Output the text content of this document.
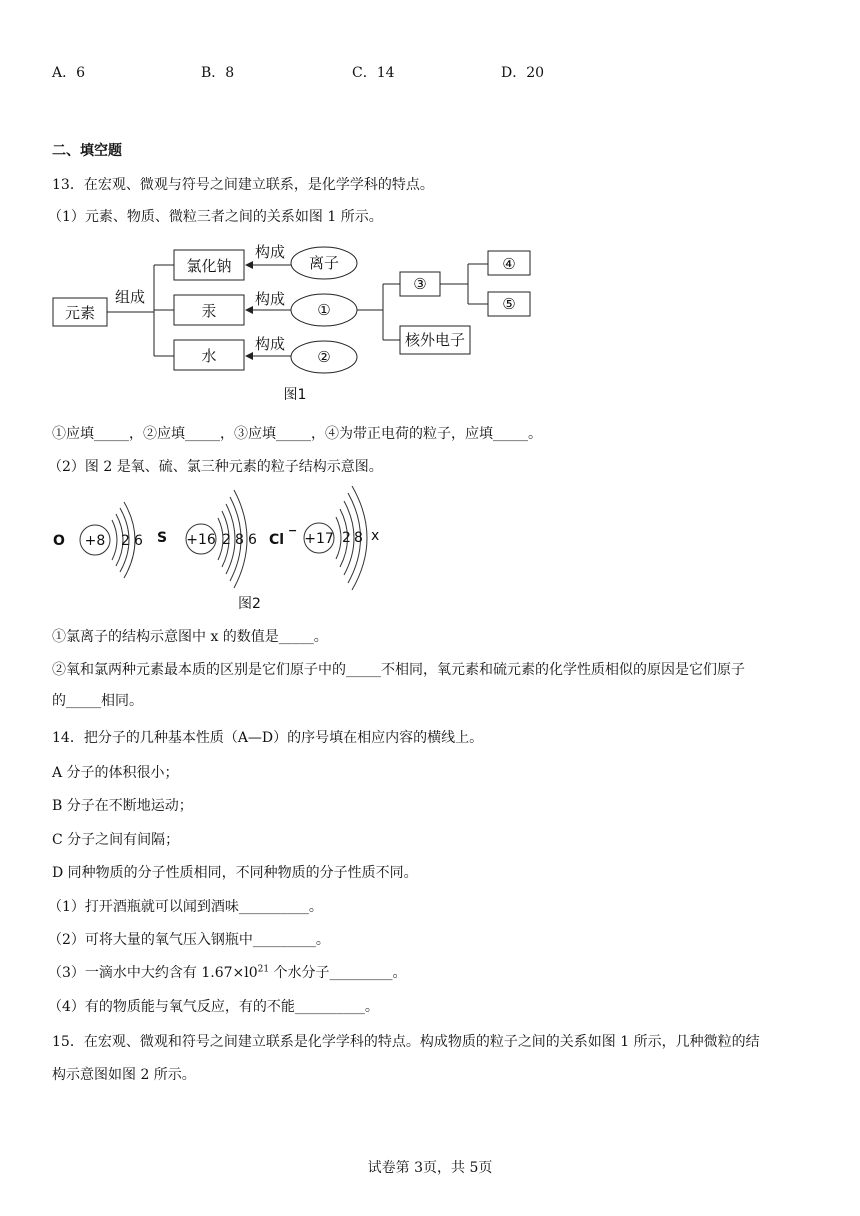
A．6	B．8	C．14	D．20
二、填空题
13．在宏观、微观与符号之间建立联系，是化学学科的特点。
（1）元素、物质、微粒三者之间的关系如图 1 所示。
元素
组成
氯化钠
汞
水
构成
构成
构成
离子
①
②
③
④
⑤
核外电子
图1
①应填_____，②应填_____，③应填_____，④为带正电荷的粒子，应填_____。
（2）图 2 是氧、硫、氯三种元素的粒子结构示意图。
O +8 2 6 S +16 2 8 6 Cl
−
+17 2 8 x
图2
①氯离子的结构示意图中 x 的数值是_____。
②氧和氯两种元素最本质的区别是它们原子中的_____不相同，氧元素和硫元素的化学性质相似的原因是它们原子
的_____相同。
14．把分子的几种基本性质（A—D）的序号填在相应内容的横线上。
A 分子的体积很小；
B 分子在不断地运动；
C 分子之间有间隔；
D 同种物质的分子性质相同，不同种物质的分子性质不同。
（1）打开酒瓶就可以闻到酒味__________。
（2）可将大量的氧气压入钢瓶中_________。
（3）一滴水中大约含有 $1.67\times l0^{21}$ 个水分子_________。
（4）有的物质能与氧气反应，有的不能__________。
15．在宏观、微观和符号之间建立联系是化学学科的特点。构成物质的粒子之间的关系如图 1 所示，几种微粒的结
构示意图如图 2 所示。
试卷第 3页，共 5页
